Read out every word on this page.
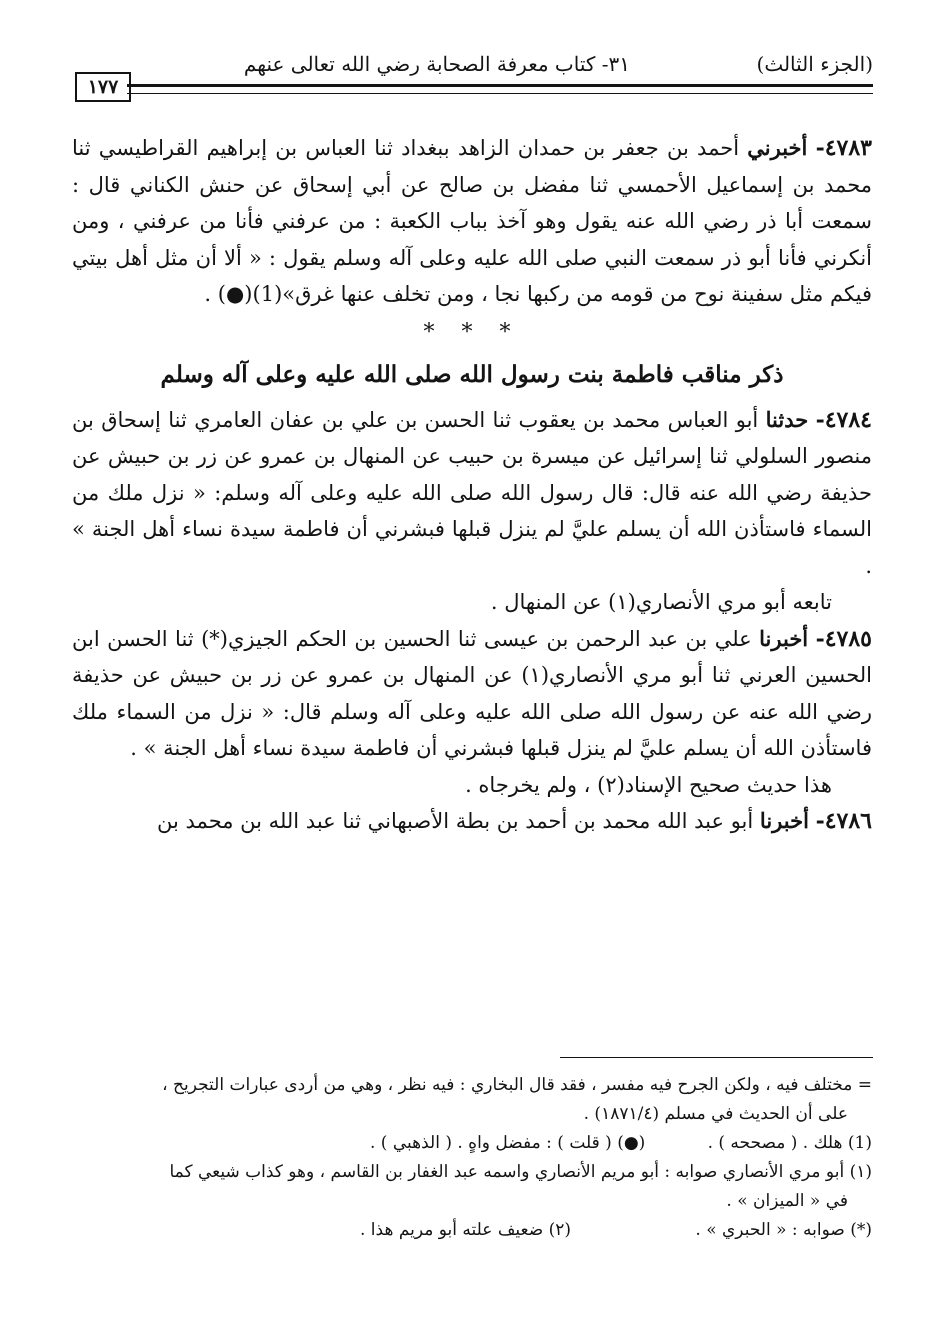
(الجزء الثالث)
٣١- كتاب معرفة الصحابة رضي الله تعالى عنهم
١٧٧

٤٧٨٣- أخبرني أحمد بن جعفر بن حمدان الزاهد ببغداد ثنا العباس بن إبراهيم القراطيسي ثنا محمد بن إسماعيل الأحمسي ثنا مفضل بن صالح عن أبي إسحاق عن حنش الكناني قال : سمعت أبا ذر رضي الله عنه يقول وهو آخذ بباب الكعبة : من عرفني فأنا من عرفني ، ومن أنكرني فأنا أبو ذر سمعت النبي صلى الله عليه وعلى آله وسلم يقول : « ألا أن مثل أهل بيتي فيكم مثل سفينة نوح من قومه من ركبها نجا ، ومن تخلف عنها غرق»(1)(●) .

* * *
ذكر مناقب فاطمة بنت رسول الله صلى الله عليه وعلى آله وسلم

٤٧٨٤- حدثنا أبو العباس محمد بن يعقوب ثنا الحسن بن علي بن عفان العامري ثنا إسحاق بن منصور السلولي ثنا إسرائيل عن ميسرة بن حبيب عن المنهال بن عمرو عن زر بن حبيش عن حذيفة رضي الله عنه قال: قال رسول الله صلى الله عليه وعلى آله وسلم: « نزل ملك من السماء فاستأذن الله أن يسلم عليَّ لم ينزل قبلها فبشرني أن فاطمة سيدة نساء أهل الجنة » .

تابعه أبو مري الأنصاري(١) عن المنهال .

٤٧٨٥- أخبرنا علي بن عبد الرحمن بن عيسى ثنا الحسين بن الحكم الجيزي(*) ثنا الحسن ابن الحسين العرني ثنا أبو مري الأنصاري(١) عن المنهال بن عمرو عن زر بن حبيش عن حذيفة رضي الله عنه عن رسول الله صلى الله عليه وعلى آله وسلم قال: « نزل من السماء ملك فاستأذن الله أن يسلم عليَّ لم ينزل قبلها فبشرني أن فاطمة سيدة نساء أهل الجنة » .

هذا حديث صحيح الإسناد(٢) ، ولم يخرجاه .

٤٧٨٦- أخبرنا أبو عبد الله محمد بن أحمد بن بطة الأصبهاني ثنا عبد الله بن محمد بن

= مختلف فيه ، ولكن الجرح فيه مفسر ، فقد قال البخاري : فيه نظر ، وهي من أردى عبارات التجريح ،

على أن الحديث في مسلم (١٨٧١/٤) .

(1) هلك . ( مصححه ) .
(●) ( قلت ) : مفضل واهٍ . ( الذهبي ) .

(١) أبو مري الأنصاري صوابه : أبو مريم الأنصاري واسمه عبد الغفار بن القاسم ، وهو كذاب شيعي كما

في « الميزان » .

(*) صوابه : « الحبري » .
(٢) ضعيف علته أبو مريم هذا .
